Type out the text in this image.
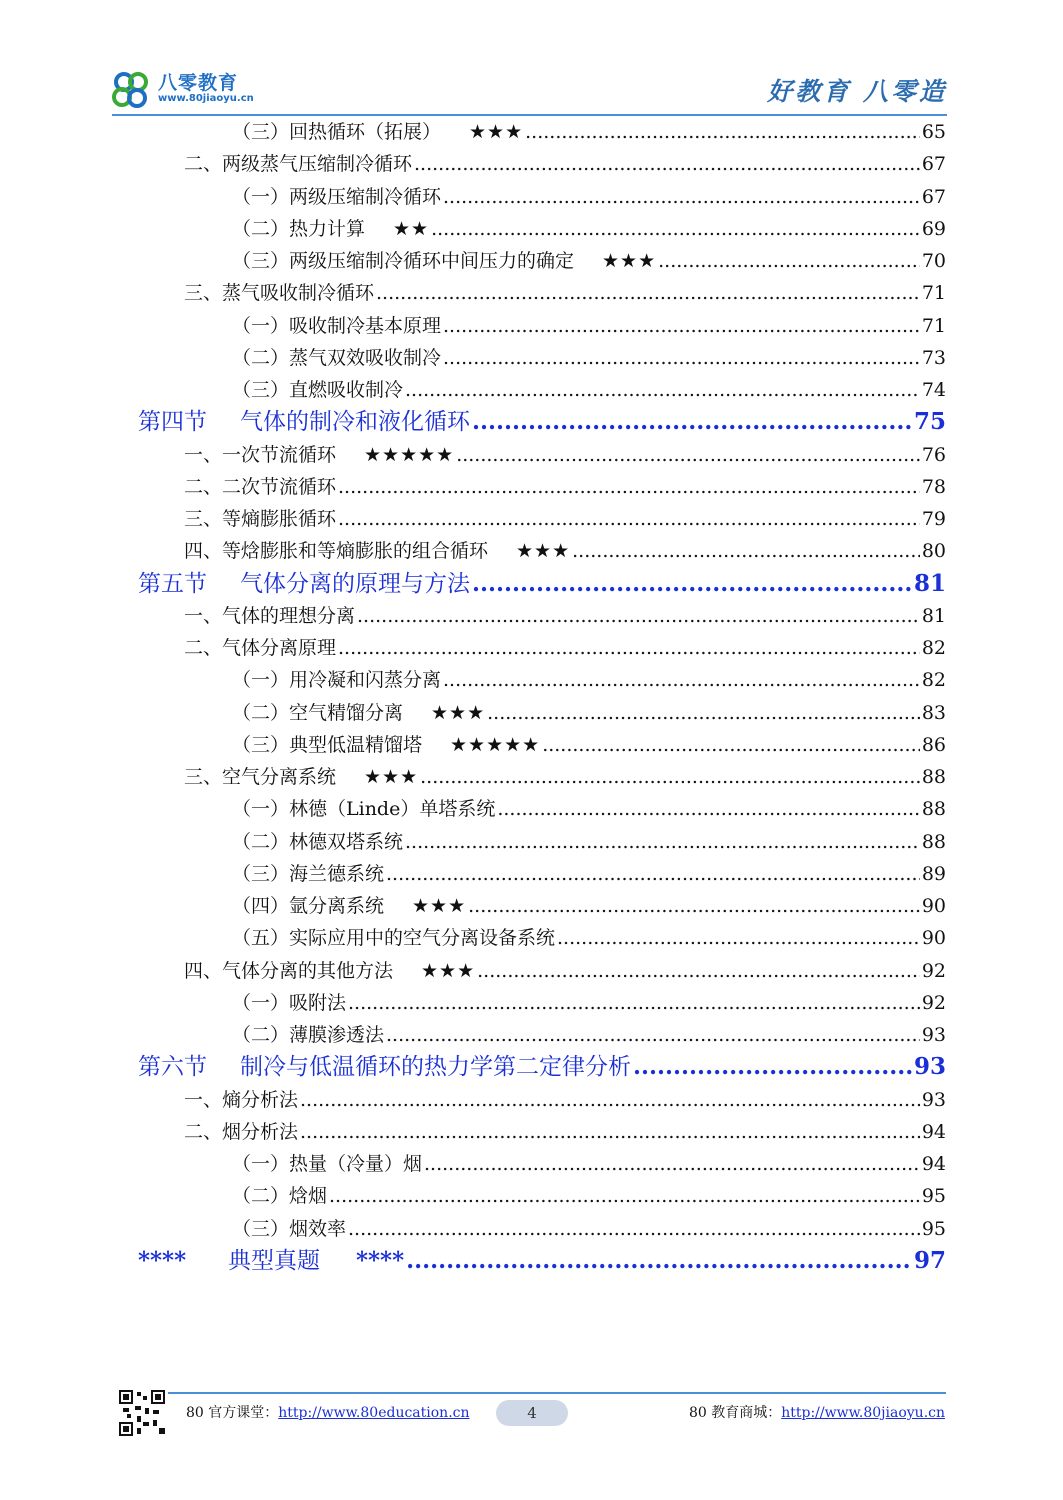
八零教育
www.80jiaoyu.cn	好教育 八零造
（三）回热循环（拓展） ★★★ .....	65
二、两级蒸气压缩制冷循环 .....	67
（一）两级压缩制冷循环 .....	67
（二）热力计算 ★★ .....	69
（三）两级压缩制冷循环中间压力的确定 ★★★ .....	70
三、蒸气吸收制冷循环 .....	71
（一）吸收制冷基本原理 .....	71
（二）蒸气双效吸收制冷 .....	73
（三）直燃吸收制冷 .....	74
第四节 气体的制冷和液化循环 .....	75
一、一次节流循环 ★★★★★ .....	76
二、二次节流循环 .....	78
三、等熵膨胀循环 .....	79
四、等焓膨胀和等熵膨胀的组合循环 ★★★ .....	80
第五节 气体分离的原理与方法 .....	81
一、气体的理想分离 .....	81
二、气体分离原理 .....	82
（一）用冷凝和闪蒸分离 .....	82
（二）空气精馏分离 ★★★ .....	83
（三）典型低温精馏塔 ★★★★★ .....	86
三、空气分离系统 ★★★ .....	88
（一）林德（Linde）单塔系统 .....	88
（二）林德双塔系统 .....	88
（三）海兰德系统 .....	89
（四）氩分离系统 ★★★ .....	90
（五）实际应用中的空气分离设备系统 .....	90
四、气体分离的其他方法 ★★★ .....	92
（一）吸附法 .....	92
（二）薄膜渗透法 .....	93
第六节 制冷与低温循环的热力学第二定律分析 .....	93
一、熵分析法 .....	93
二、烟分析法 .....	94
（一）热量（冷量）烟 .....	94
（二）焓烟 .....	95
（三）烟效率 .....	95
**** 典型真题 **** .....	97
80 官方课堂：http://www.80education.cn	4	80 教育商城：http://www.80jiaoyu.cn
